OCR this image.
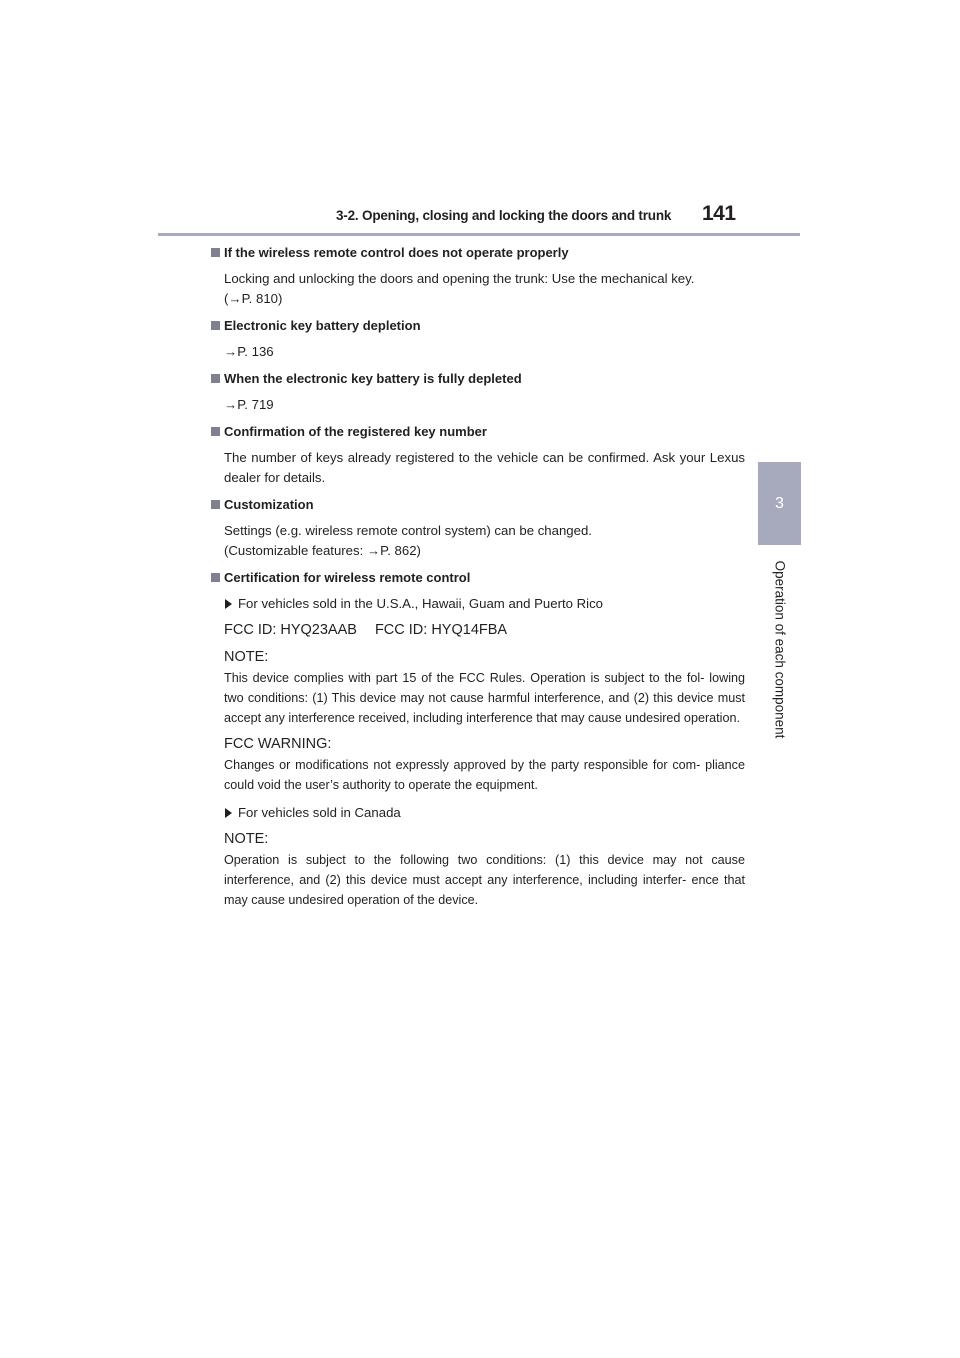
3-2. Opening, closing and locking the doors and trunk 141
3
Operation of each component
If the wireless remote control does not operate properly
Locking and unlocking the doors and opening the trunk: Use the mechanical key.
(→P. 810)
Electronic key battery depletion
→P. 136
When the electronic key battery is fully depleted
→P. 719
Confirmation of the registered key number
The number of keys already registered to the vehicle can be confirmed. Ask your Lexus dealer for details.
Customization
Settings (e.g. wireless remote control system) can be changed.
(Customizable features: →P. 862)
Certification for wireless remote control
For vehicles sold in the U.S.A., Hawaii, Guam and Puerto Rico
FCC ID: HYQ23AAB FCC ID: HYQ14FBA
NOTE:
This device complies with part 15 of the FCC Rules. Operation is subject to the fol- lowing two conditions: (1) This device may not cause harmful interference, and (2) this device must accept any interference received, including interference that may cause undesired operation.
FCC WARNING:
Changes or modifications not expressly approved by the party responsible for com- pliance could void the user’s authority to operate the equipment.
For vehicles sold in Canada
NOTE:
Operation is subject to the following two conditions: (1) this device may not cause interference, and (2) this device must accept any interference, including interfer- ence that may cause undesired operation of the device.
